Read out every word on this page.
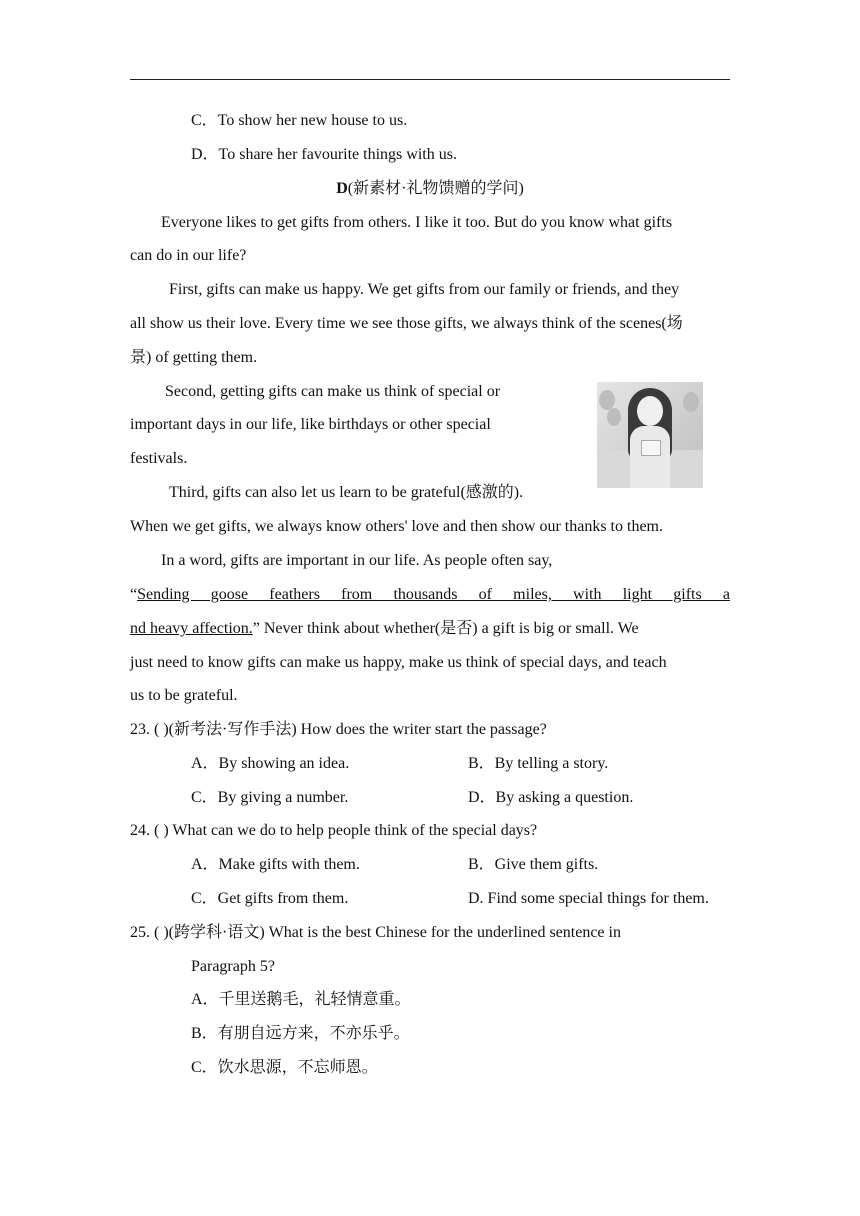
C．To show her new house to us.
D．To share her favourite things with us.
D(新素材·礼物馈赠的学问)
Everyone likes to get gifts from others. I like it too. But do you know what gifts
can do in our life?
First, gifts can make us happy. We get gifts from our family or friends, and they
all show us their love. Every time we see those gifts, we always think of the scenes(场
景) of getting them.
Second, getting gifts can make us think of special or
important days in our life, like birthdays or other special
festivals.
Third, gifts can also let us learn to be grateful(感激的).
When we get gifts, we always know others' love and then show our thanks to them.
In a word, gifts are important in our life. As people often say,
“Sending goose feathers from thousands of miles, with light gifts a
nd heavy affection.” Never think about whether(是否) a gift is big or small. We
just need to know gifts can make us happy, make us think of special days, and teach
us to be grateful.
23. ( )(新考法·写作手法) How does the writer start the passage?
A．By showing an idea.	B．By telling a story.
C．By giving a number.	D．By asking a question.
24. ( ) What can we do to help people think of the special days?
A．Make gifts with them.	B．Give them gifts.
C．Get gifts from them.	D. Find some special things for them.
25. ( )(跨学科·语文) What is the best Chinese for the underlined sentence in
Paragraph 5?
A．千里送鹅毛，礼轻情意重。
B．有朋自远方来，不亦乐乎。
C．饮水思源，不忘师恩。
